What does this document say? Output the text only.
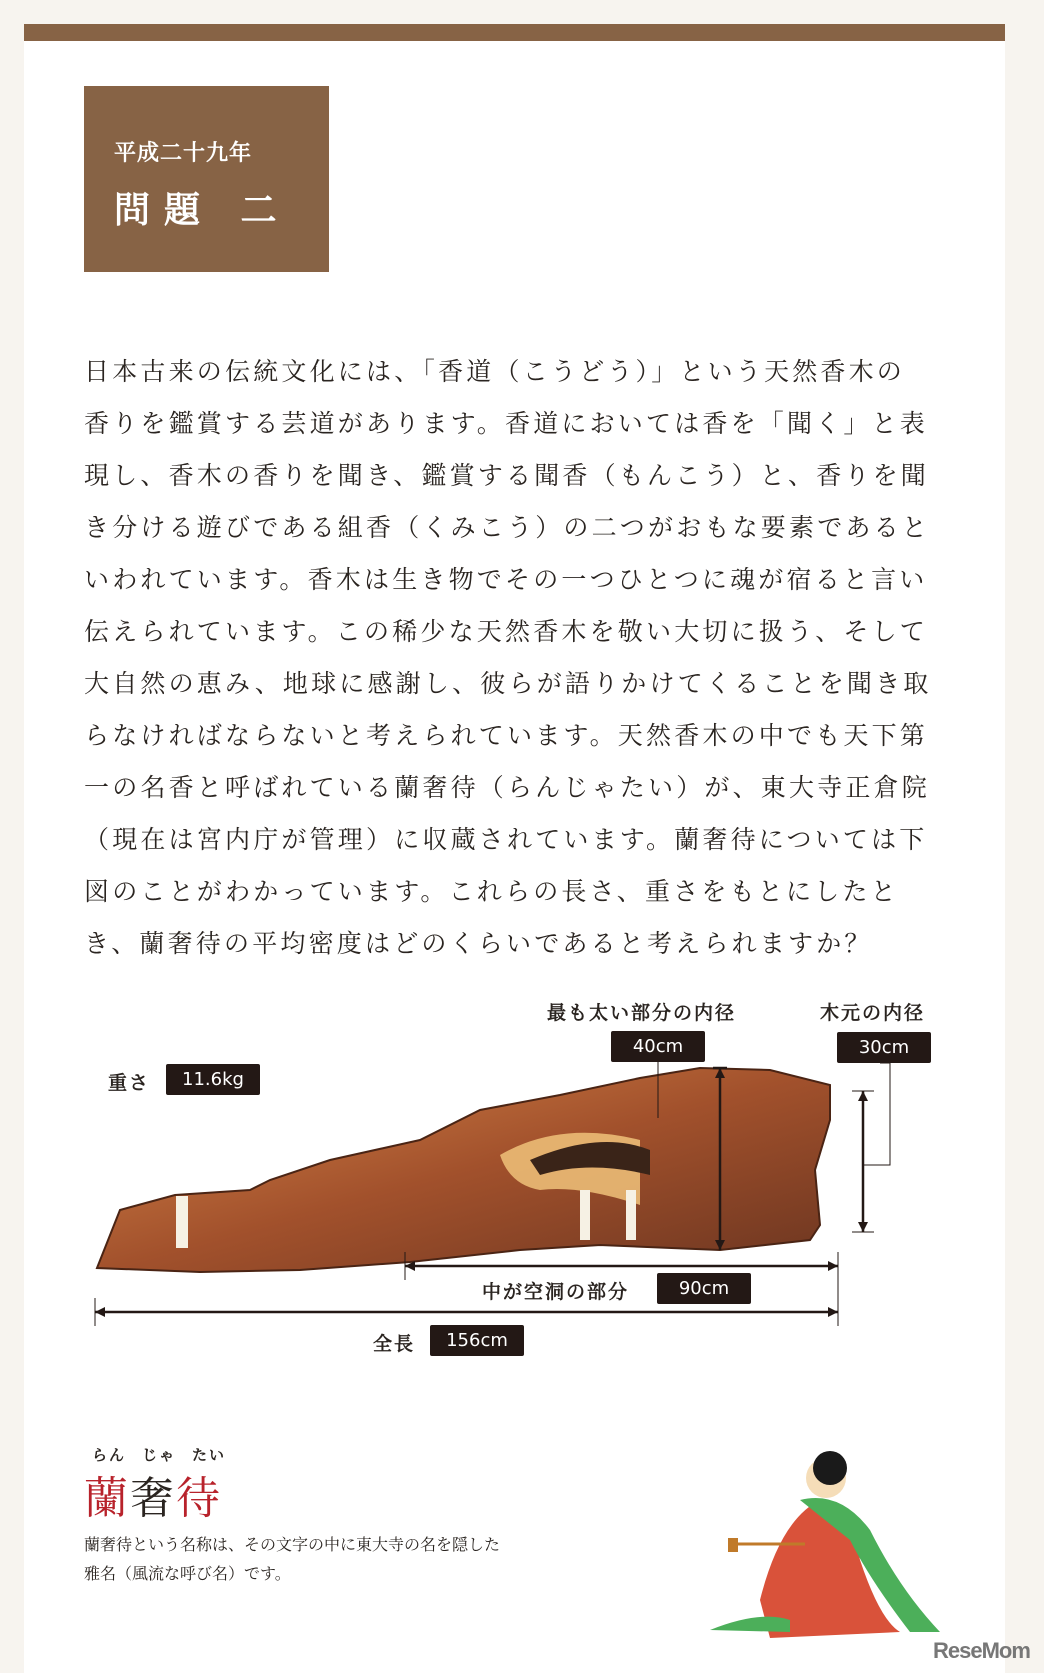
平成二十九年
問題 二
日本古来の伝統文化には、「香道（こうどう）」という天然香木の
香りを鑑賞する芸道があります。香道においては香を「聞く」と表
現し、香木の香りを聞き、鑑賞する聞香（もんこう）と、香りを聞
き分ける遊びである組香（くみこう）の二つがおもな要素であると
いわれています。香木は生き物でその一つひとつに魂が宿ると言い
伝えられています。この稀少な天然香木を敬い大切に扱う、そして
大自然の恵み、地球に感謝し、彼らが語りかけてくることを聞き取
らなければならないと考えられています。天然香木の中でも天下第
一の名香と呼ばれている蘭奢待（らんじゃたい）が、東大寺正倉院
（現在は宮内庁が管理）に収蔵されています。蘭奢待については下
図のことがわかっています。これらの長さ、重さをもとにしたと
き、蘭奢待の平均密度はどのくらいであると考えられますか？
最も太い部分の内径
40cm
木元の内径
30cm
重さ	11.6kg
中が空洞の部分	90cm
全長	156cm
らん じゃ たい
蘭奢待
蘭奢待という名称は、その文字の中に東大寺の名を隠した
雅名（風流な呼び名）です。
ReseMom
